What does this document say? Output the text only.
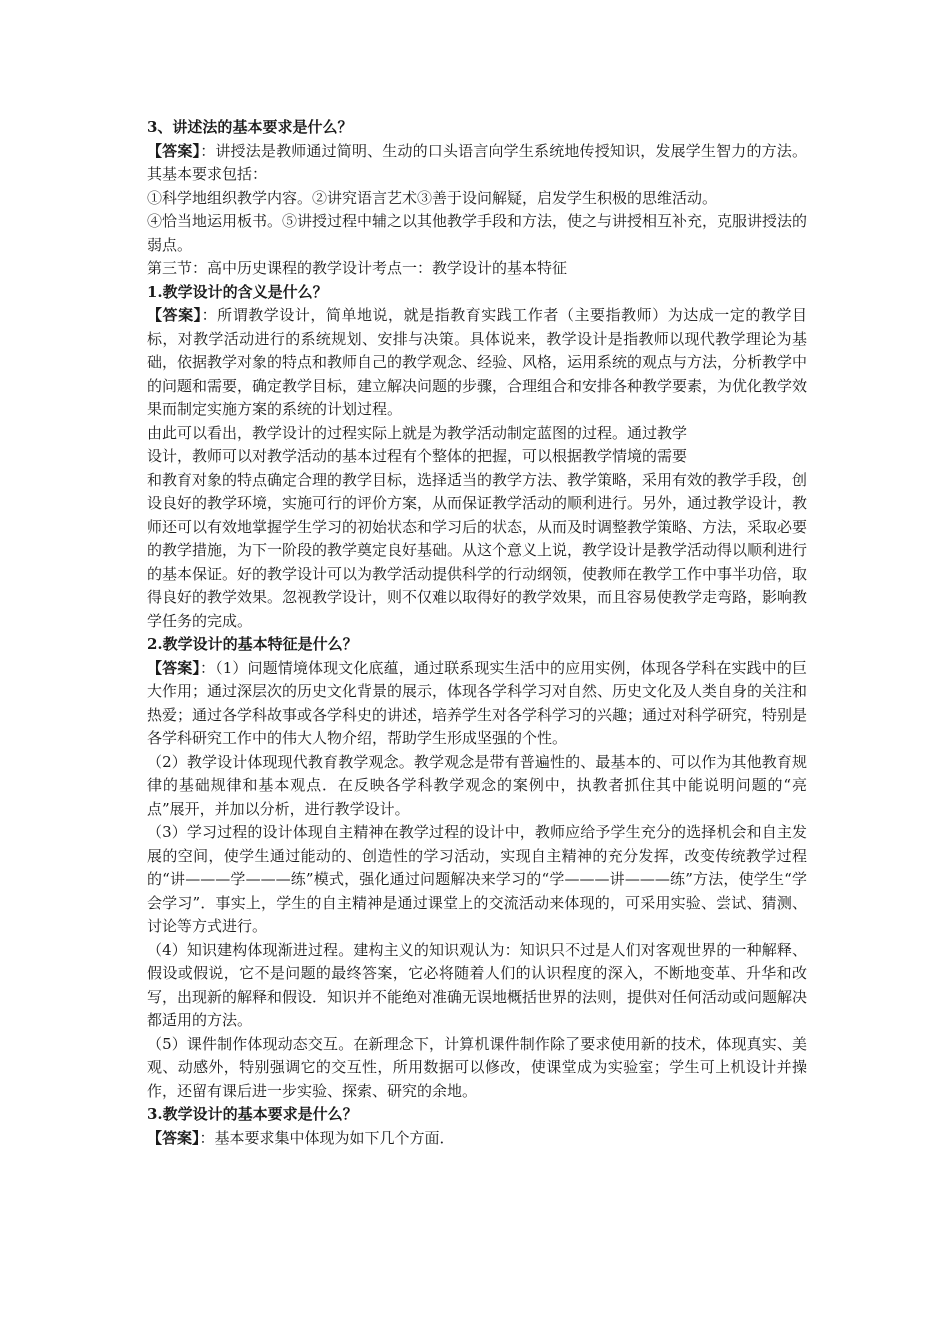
3、讲述法的基本要求是什么？

【答案】：讲授法是教师通过简明、生动的口头语言向学生系统地传授知识，发展学生智力的方法。其基本要求包括：

①科学地组织教学内容。②讲究语言艺术③善于设问解疑，启发学生积极的思维活动。

④恰当地运用板书。⑤讲授过程中辅之以其他教学手段和方法，使之与讲授相互补充，克服讲授法的弱点。

第三节：高中历史课程的教学设计考点一：教学设计的基本特征

1.教学设计的含义是什么？

【答案】：所谓教学设计，简单地说，就是指教育实践工作者（主要指教师）为达成一定的教学目标，对教学活动进行的系统规划、安排与决策。具体说来，教学设计是指教师以现代教学理论为基础，依据教学对象的特点和教师自己的教学观念、经验、风格，运用系统的观点与方法，分析教学中的问题和需要，确定教学目标，建立解决问题的步骤，合理组合和安排各种教学要素，为优化教学效果而制定实施方案的系统的计划过程。

由此可以看出，教学设计的过程实际上就是为教学活动制定蓝图的过程。通过教学
设计，教师可以对教学活动的基本过程有个整体的把握，可以根据教学情境的需要

和教育对象的特点确定合理的教学目标，选择适当的教学方法、教学策略，采用有效的教学手段，创设良好的教学环境，实施可行的评价方案，从而保证教学活动的顺利进行。另外，通过教学设计，教师还可以有效地掌握学生学习的初始状态和学习后的状态，从而及时调整教学策略、方法，采取必要的教学措施，为下一阶段的教学奠定良好基础。从这个意义上说，教学设计是教学活动得以顺利进行的基本保证。好的教学设计可以为教学活动提供科学的行动纲领，使教师在教学工作中事半功倍，取得良好的教学效果。忽视教学设计，则不仅难以取得好的教学效果，而且容易使教学走弯路，影响教学任务的完成。

2.教学设计的基本特征是什么？

【答案】：（1）问题情境体现文化底蕴，通过联系现实生活中的应用实例，体现各学科在实践中的巨大作用；通过深层次的历史文化背景的展示，体现各学科学习对自然、历史文化及人类自身的关注和热爱；通过各学科故事或各学科史的讲述，培养学生对各学科学习的兴趣；通过对科学研究，特别是各学科研究工作中的伟大人物介绍，帮助学生形成坚强的个性。

（2）教学设计体现现代教育教学观念。教学观念是带有普遍性的、最基本的、可以作为其他教育规律的基础规律和基本观点．在反映各学科教学观念的案例中，执教者抓住其中能说明问题的“亮点”展开，并加以分析，进行教学设计。

（3）学习过程的设计体现自主精神在教学过程的设计中，教师应给予学生充分的选择机会和自主发展的空间，使学生通过能动的、创造性的学习活动，实现自主精神的充分发挥，改变传统教学过程的“讲———学———练”模式，强化通过问题解决来学习的“学———讲———练”方法，使学生“学会学习”．事实上，学生的自主精神是通过课堂上的交流活动来体现的，可采用实验、尝试、猜测、讨论等方式进行。

（4）知识建构体现渐进过程。建构主义的知识观认为：知识只不过是人们对客观世界的一种解释、假设或假说，它不是问题的最终答案，它必将随着人们的认识程度的深入，不断地变革、升华和改写，出现新的解释和假设．知识并不能绝对准确无误地概括世界的法则，提供对任何活动或问题解决都适用的方法。

（5）课件制作体现动态交互。在新理念下，计算机课件制作除了要求使用新的技术，体现真实、美观、动感外，特别强调它的交互性，所用数据可以修改，使课堂成为实验室；学生可上机设计并操作，还留有课后进一步实验、探索、研究的余地。

3.教学设计的基本要求是什么？

【答案】：基本要求集中体现为如下几个方面．
